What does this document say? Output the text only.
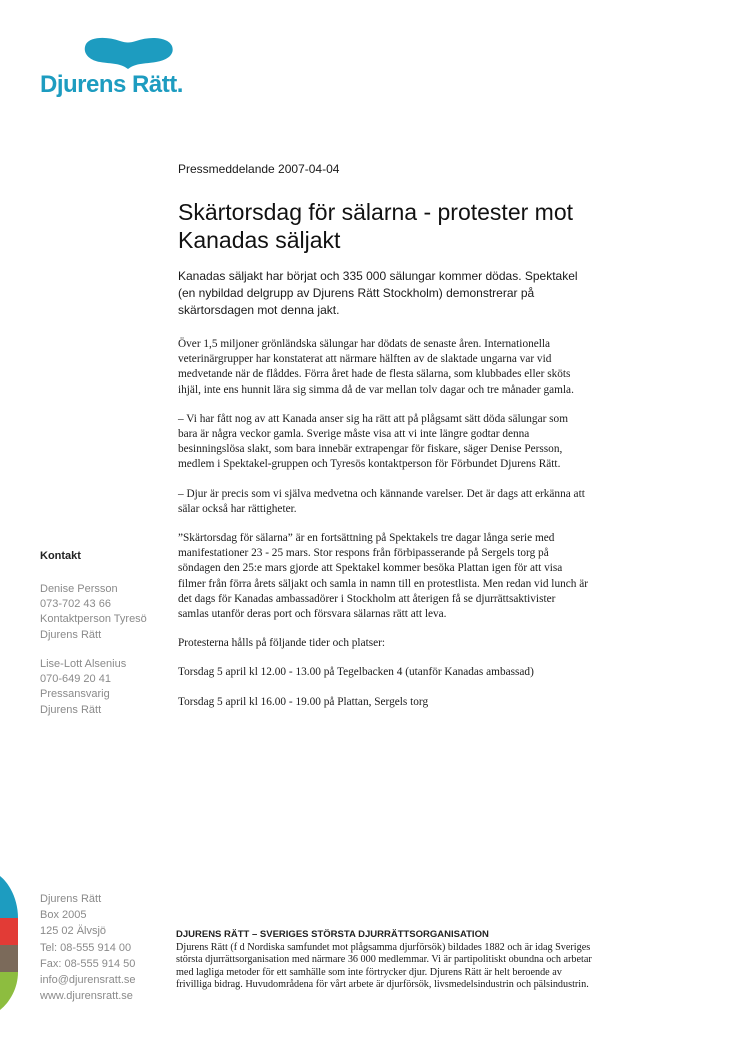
Djurens Rätt.
Pressmeddelande 2007-04-04
Skärtorsdag för sälarna - protester mot Kanadas säljakt

Kanadas säljakt har börjat och 335 000 sälungar kommer dödas. Spektakel (en nybildad delgrupp av Djurens Rätt Stockholm) demonstrerar på skärtorsdagen mot denna jakt.

Över 1,5 miljoner grönländska sälungar har dödats de senaste åren. Internationella veterinärgrupper har konstaterat att närmare hälften av de slaktade ungarna var vid medvetande när de flåddes. Förra året hade de flesta sälarna, som klubbades eller sköts ihjäl, inte ens hunnit lära sig simma då de var mellan tolv dagar och tre månader gamla.

– Vi har fått nog av att Kanada anser sig ha rätt att på plågsamt sätt döda sälungar som bara är några veckor gamla. Sverige måste visa att vi inte längre godtar denna besinningslösa slakt, som bara innebär extrapengar för fiskare, säger Denise Persson, medlem i Spektakel-gruppen och Tyresös kontaktperson för Förbundet Djurens Rätt.

– Djur är precis som vi själva medvetna och kännande varelser. Det är dags att erkänna att sälar också har rättigheter.

”Skärtorsdag för sälarna” är en fortsättning på Spektakels tre dagar långa serie med manifestationer 23 - 25 mars. Stor respons från förbipasserande på Sergels torg på söndagen den 25:e mars gjorde att Spektakel kommer besöka Plattan igen för att visa filmer från förra årets säljakt och samla in namn till en protestlista. Men redan vid lunch är det dags för Kanadas ambassadörer i Stockholm att återigen få se djurrättsaktivister samlas utanför deras port och försvara sälarnas rätt att leva.

Protesterna hålls på följande tider och platser:

Torsdag 5 april kl 12.00 - 13.00 på Tegelbacken 4 (utanför Kanadas ambassad)

Torsdag 5 april kl 16.00 - 19.00 på Plattan, Sergels torg

Kontakt
Denise Persson
073-702 43 66
Kontaktperson Tyresö
Djurens Rätt
Lise-Lott Alsenius
070-649 20 41
Pressansvarig
Djurens Rätt
Djurens Rätt
Box 2005
125 02 Älvsjö
Tel: 08-555 914 00
Fax: 08-555 914 50
info@djurensratt.se
www.djurensratt.se
DJURENS RÄTT – SVERIGES STÖRSTA DJURRÄTTSORGANISATION

Djurens Rätt (f d Nordiska samfundet mot plågsamma djurförsök) bildades 1882 och är idag Sveriges största djurrättsorganisation med närmare 36 000 medlemmar. Vi är partipolitiskt obundna och arbetar med lagliga metoder för ett samhälle som inte förtrycker djur. Djurens Rätt är helt beroende av frivilliga bidrag. Huvudområdena för vårt arbete är djurförsök, livsmedelsindustrin och pälsindustrin.
